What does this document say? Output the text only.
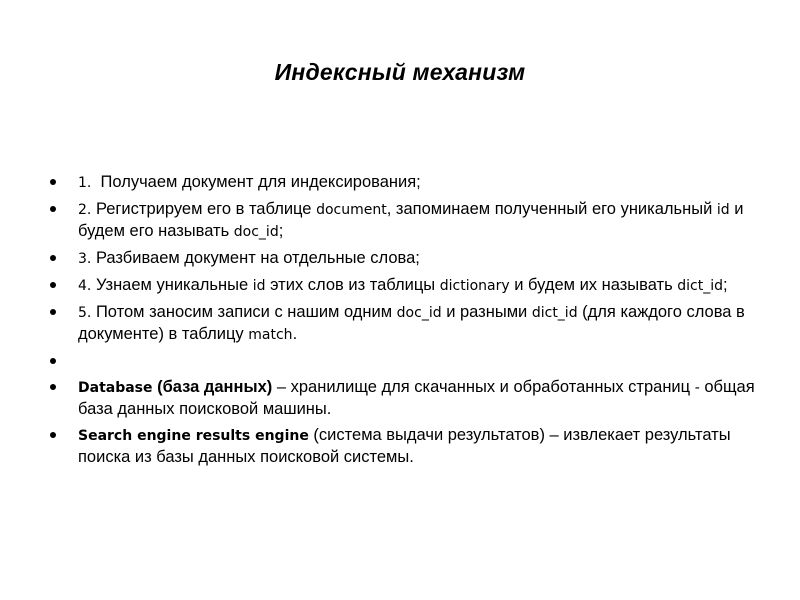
Индексный механизм
1.  Получаем документ для индексирования;
2. Регистрируем его в таблице document, запоминаем полученный его уникальный id и будем его называть doc_id;
3. Разбиваем документ на отдельные слова;
4. Узнаем уникальные id этих слов из таблицы dictionary и будем их называть dict_id;
5. Потом заносим записи с нашим одним doc_id и разными dict_id (для каждого слова в документе) в таблицу match.
Database (база данных) – хранилище для скачанных и обработанных страниц - общая база данных поисковой машины.
Search engine results engine (система выдачи результатов) – извлекает результаты поиска из базы данных поисковой системы.
